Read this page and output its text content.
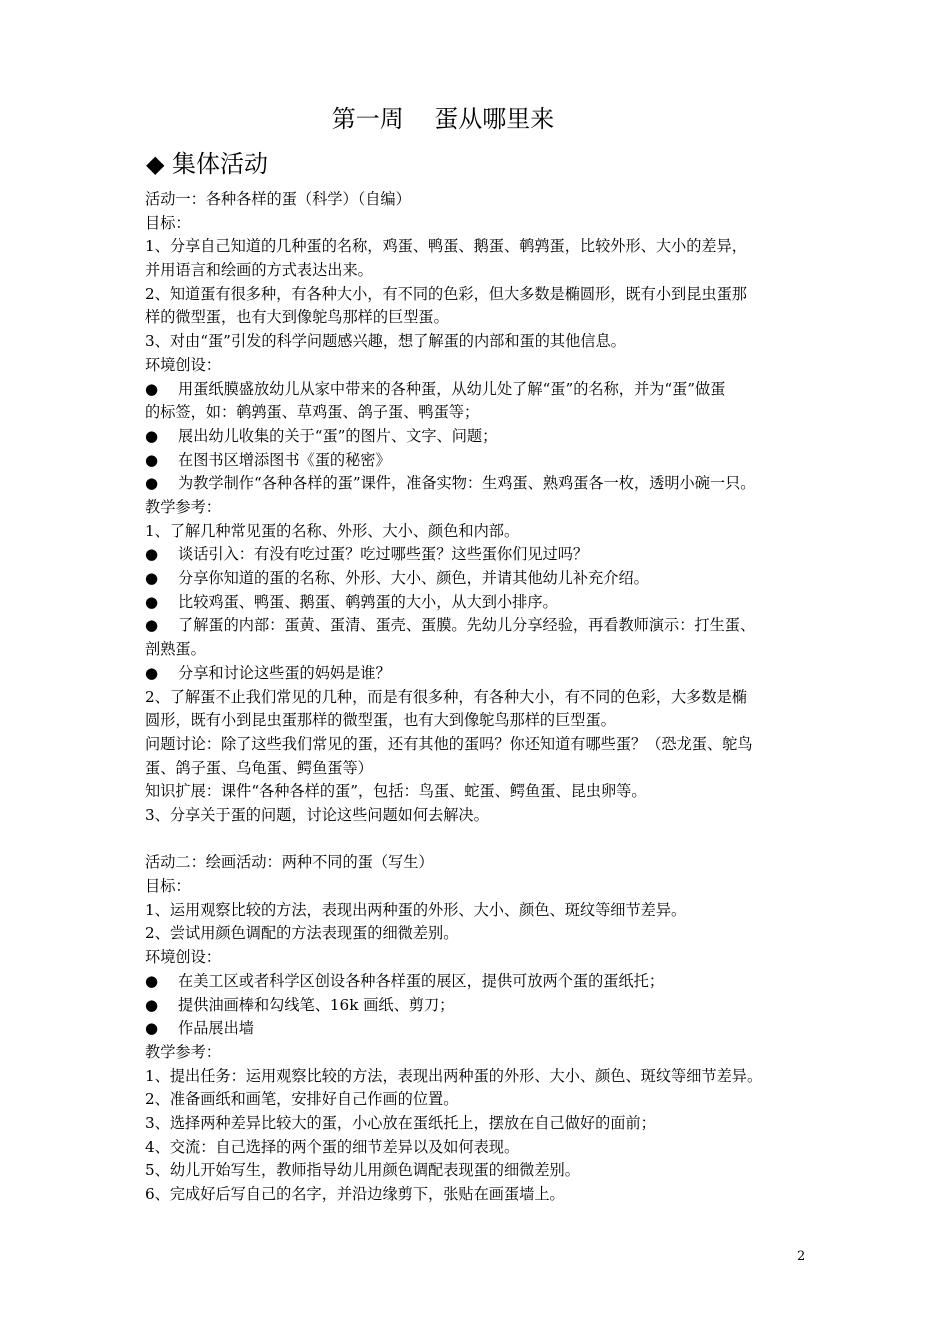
第一周    蛋从哪里来
◆ 集体活动
活动一：各种各样的蛋（科学）（自编）
目标：
1、分享自己知道的几种蛋的名称，鸡蛋、鸭蛋、鹅蛋、鹌鹑蛋，比较外形、大小的差异，
并用语言和绘画的方式表达出来。
2、知道蛋有很多种，有各种大小，有不同的色彩，但大多数是椭圆形，既有小到昆虫蛋那
样的微型蛋，也有大到像鸵鸟那样的巨型蛋。
3、对由“蛋”引发的科学问题感兴趣，想了解蛋的内部和蛋的其他信息。
环境创设：
● 用蛋纸膜盛放幼儿从家中带来的各种蛋，从幼儿处了解“蛋”的名称，并为“蛋”做蛋
的标签，如：鹌鹑蛋、草鸡蛋、鸽子蛋、鸭蛋等；
● 展出幼儿收集的关于“蛋”的图片、文字、问题；
● 在图书区增添图书《蛋的秘密》
● 为教学制作“各种各样的蛋”课件，准备实物：生鸡蛋、熟鸡蛋各一枚，透明小碗一只。
教学参考：
1、了解几种常见蛋的名称、外形、大小、颜色和内部。
● 谈话引入：有没有吃过蛋？吃过哪些蛋？这些蛋你们见过吗？
● 分享你知道的蛋的名称、外形、大小、颜色，并请其他幼儿补充介绍。
● 比较鸡蛋、鸭蛋、鹅蛋、鹌鹑蛋的大小，从大到小排序。
● 了解蛋的内部：蛋黄、蛋清、蛋壳、蛋膜。先幼儿分享经验，再看教师演示：打生蛋、
剖熟蛋。
● 分享和讨论这些蛋的妈妈是谁？
2、了解蛋不止我们常见的几种，而是有很多种，有各种大小，有不同的色彩，大多数是椭
圆形，既有小到昆虫蛋那样的微型蛋，也有大到像鸵鸟那样的巨型蛋。
问题讨论：除了这些我们常见的蛋，还有其他的蛋吗？你还知道有哪些蛋？（恐龙蛋、鸵鸟
蛋、鸽子蛋、乌龟蛋、鳄鱼蛋等）
知识扩展：课件“各种各样的蛋”，包括：鸟蛋、蛇蛋、鳄鱼蛋、昆虫卵等。
3、分享关于蛋的问题，讨论这些问题如何去解决。
活动二：绘画活动：两种不同的蛋（写生）
目标：
1、运用观察比较的方法，表现出两种蛋的外形、大小、颜色、斑纹等细节差异。
2、尝试用颜色调配的方法表现蛋的细微差别。
环境创设：
● 在美工区或者科学区创设各种各样蛋的展区，提供可放两个蛋的蛋纸托；
● 提供油画棒和勾线笔、16k 画纸、剪刀；
● 作品展出墙
教学参考：
1、提出任务：运用观察比较的方法，表现出两种蛋的外形、大小、颜色、斑纹等细节差异。
2、准备画纸和画笔，安排好自己作画的位置。
3、选择两种差异比较大的蛋，小心放在蛋纸托上，摆放在自己做好的面前；
4、交流：自己选择的两个蛋的细节差异以及如何表现。
5、幼儿开始写生，教师指导幼儿用颜色调配表现蛋的细微差别。
6、完成好后写自己的名字，并沿边缘剪下，张贴在画蛋墙上。
2
